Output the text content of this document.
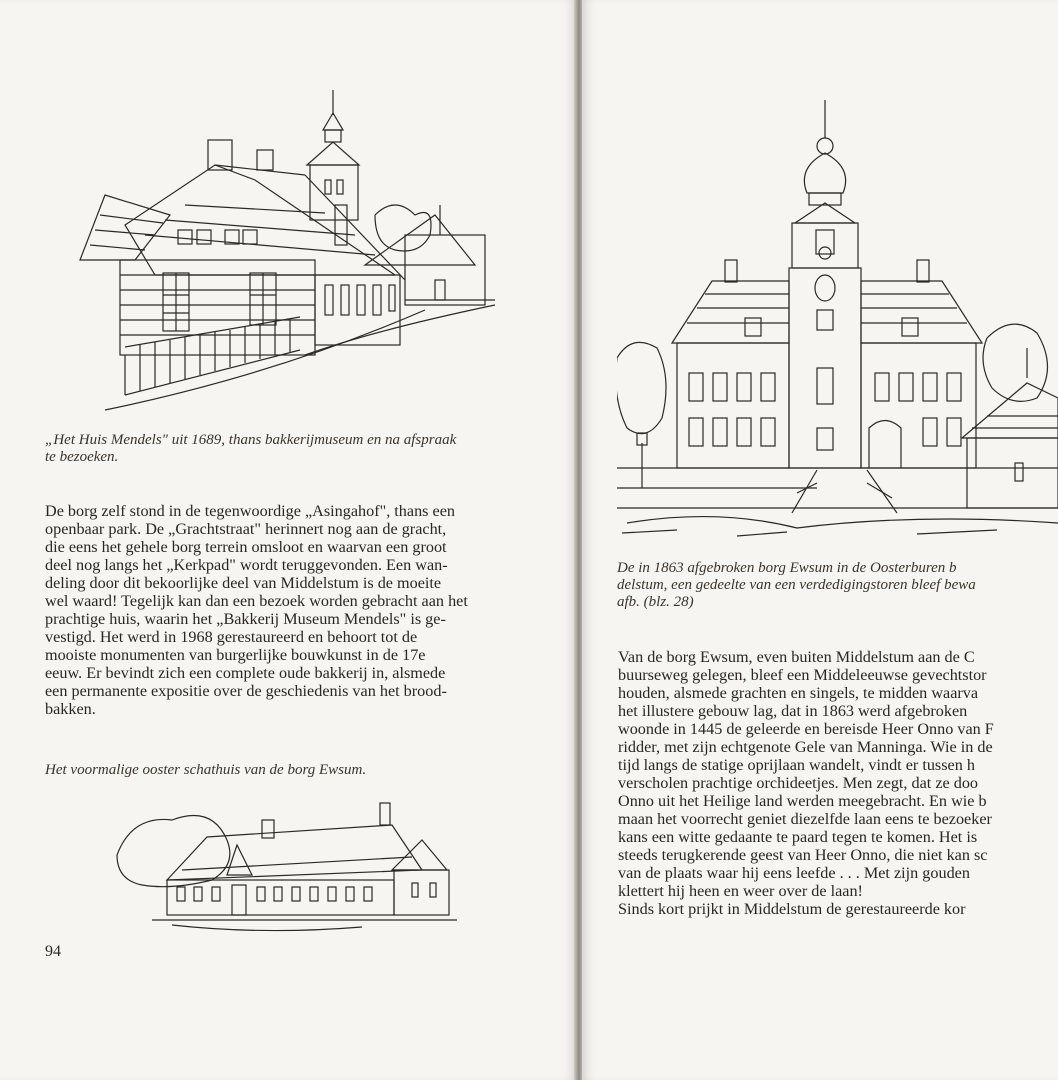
„Het Huis Mendels" uit 1689, thans bakkerijmuseum en na afspraak
te bezoeken.

De borg zelf stond in de tegenwoordige „Asingahof", thans een
openbaar park. De „Grachtstraat" herinnert nog aan de gracht,
die eens het gehele borg terrein omsloot en waarvan een groot
deel nog langs het „Kerkpad" wordt teruggevonden. Een wan-
deling door dit bekoorlijke deel van Middelstum is de moeite
wel waard! Tegelijk kan dan een bezoek worden gebracht aan het
prachtige huis, waarin het „Bakkerij Museum Mendels" is ge-
vestigd. Het werd in 1968 gerestaureerd en behoort tot de
mooiste monumenten van burgerlijke bouwkunst in de 17e
eeuw. Er bevindt zich een complete oude bakkerij in, alsmede
een permanente expositie over de geschiedenis van het brood-
bakken.

Het voormalige ooster schathuis van de borg Ewsum.

94

De in 1863 afgebroken borg Ewsum in de Oosterburen b
delstum, een gedeelte van een verdedigingstoren bleef bewa
afb. (blz. 28)

Van de borg Ewsum, even buiten Middelstum aan de C
buurseweg gelegen, bleef een Middeleeuwse gevechtstor
houden, alsmede grachten en singels, te midden waarva
het illustere gebouw lag, dat in 1863 werd afgebroken
woonde in 1445 de geleerde en bereisde Heer Onno van F
ridder, met zijn echtgenote Gele van Manninga. Wie in de
tijd langs de statige oprijlaan wandelt, vindt er tussen h
verscholen prachtige orchideetjes. Men zegt, dat ze doo
Onno uit het Heilige land werden meegebracht. En wie b
maan het voorrecht geniet diezelfde laan eens te bezoeker
kans een witte gedaante te paard tegen te komen. Het is
steeds terugkerende geest van Heer Onno, die niet kan sc
van de plaats waar hij eens leefde . . . Met zijn gouden
klettert hij heen en weer over de laan!
Sinds kort prijkt in Middelstum de gerestaureerde kor
